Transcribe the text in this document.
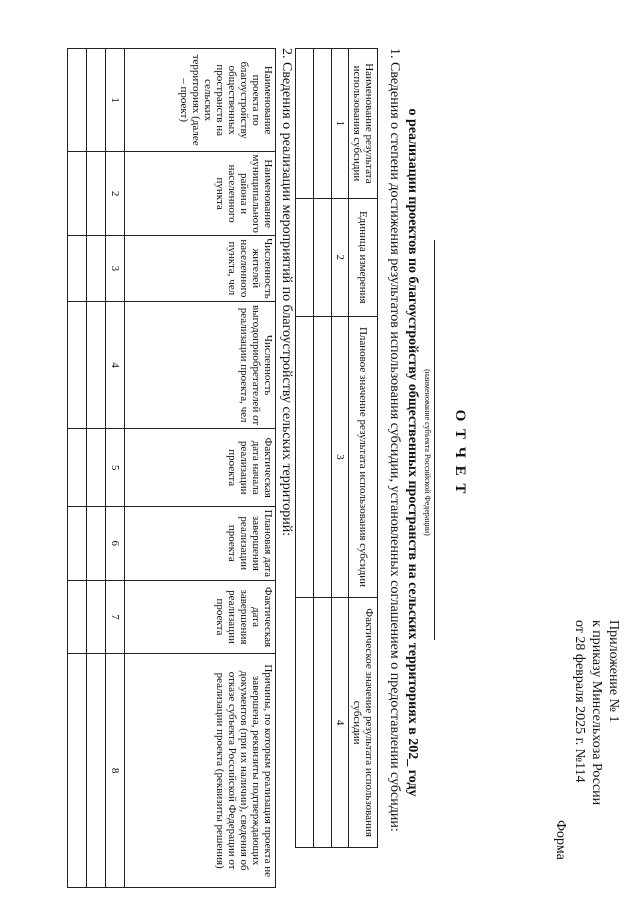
Приложение № 1
к приказу Минсельхоза России
от 28 февраля 2025 г. №114
Форма
О Т Ч Е Т
(наименование субъекта Российской Федерации)
о реализации проектов по благоустройству общественных пространств на сельских территориях в 202_ году
1. Сведения о степени достижения результатов использования субсидии, установленных соглашением о предоставлении субсидии:
Наименование результата использования субсидии	Единица измерения	Плановое значение результата использования субсидии	Фактическое значение результата использования субсидии
1	2	3	4

2. Сведения о реализации мероприятий по благоустройству сельских территорий:
Наименование проекта по благоустройству общественных пространств на сельских территориях (далее – проект)	Наименование муниципального района и населенного пункта	Численность жителей населенного пункта, чел	Численность выгодоприобретателей от реализации проекта, чел	Фактическая дата начала реализации проекта	Плановая дата завершения реализации проекта	Фактическая дата завершения реализации проекта	Причины, по которым реализация проекта не завершена, реквизиты подтверждающих документов (при их наличии), сведения об отказе субъекта Российской Федерации от реализации проекта (реквизиты решения)
1	2	3	4	5	6	7	8
